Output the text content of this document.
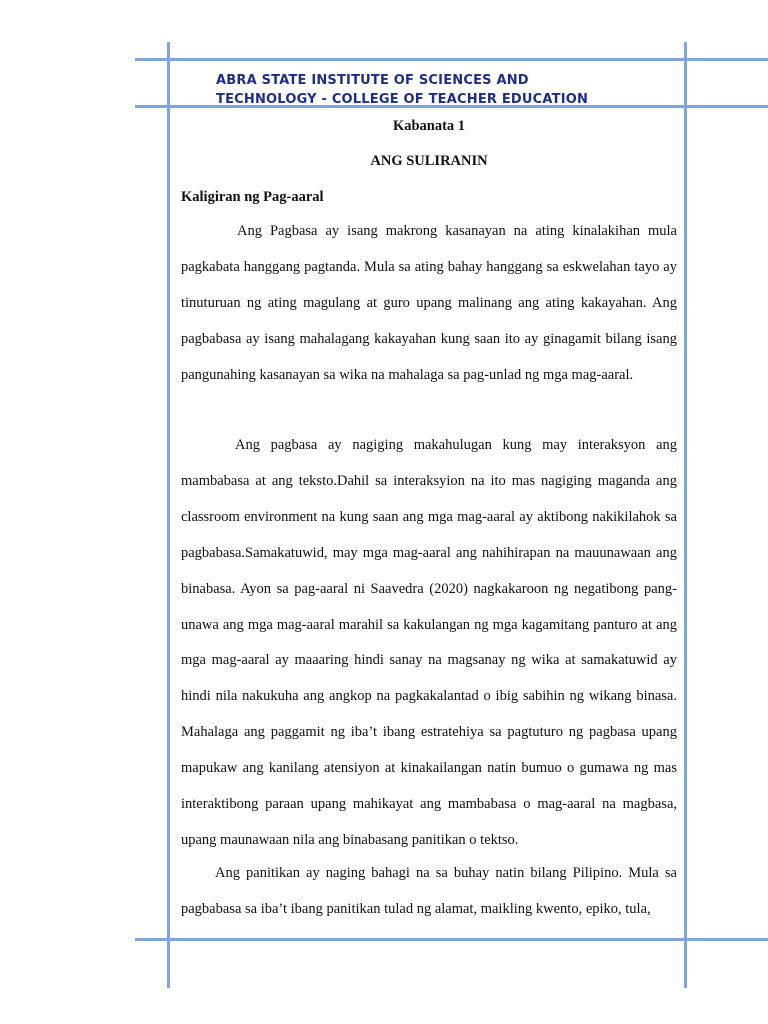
ABRA STATE INSTITUTE OF SCIENCES AND
TECHNOLOGY - COLLEGE OF TEACHER EDUCATION
Kabanata 1
ANG SULIRANIN
Kaligiran ng Pag-aaral

Ang Pagbasa ay isang makrong kasanayan na ating kinalakihan mula pagkabata hanggang pagtanda. Mula sa ating bahay hanggang sa eskwelahan tayo ay tinuturuan ng ating magulang at guro upang malinang ang ating kakayahan. Ang pagbabasa ay isang mahalagang kakayahan kung saan ito ay ginagamit bilang isang pangunahing kasanayan sa wika na mahalaga sa pag-unlad ng mga mag-aaral.

Ang pagbasa ay nagiging makahulugan kung may interaksyon ang mambabasa at ang teksto.Dahil sa interaksyion na ito mas nagiging maganda ang classroom environment na kung saan ang mga mag-aaral ay aktibong nakikilahok sa pagbabasa.Samakatuwid, may mga mag-aaral ang nahihirapan na mauunawaan ang binabasa. Ayon sa pag-aaral ni Saavedra (2020) nagkakaroon ng negatibong pang-unawa ang mga mag-aaral marahil sa kakulangan ng mga kagamitang panturo at ang mga mag-aaral ay maaaring hindi sanay na magsanay ng wika at samakatuwid ay hindi nila nakukuha ang angkop na pagkakalantad o ibig sabihin ng wikang binasa. Mahalaga ang paggamit ng iba’t ibang estratehiya sa pagtuturo ng pagbasa upang mapukaw ang kanilang atensiyon at kinakailangan natin bumuo o gumawa ng mas interaktibong paraan upang mahikayat ang mambabasa o mag-aaral na magbasa, upang maunawaan nila ang binabasang panitikan o tektso.

Ang panitikan ay naging bahagi na sa buhay natin bilang Pilipino. Mula sa pagbabasa sa iba’t ibang panitikan tulad ng alamat, maikling kwento, epiko, tula,
